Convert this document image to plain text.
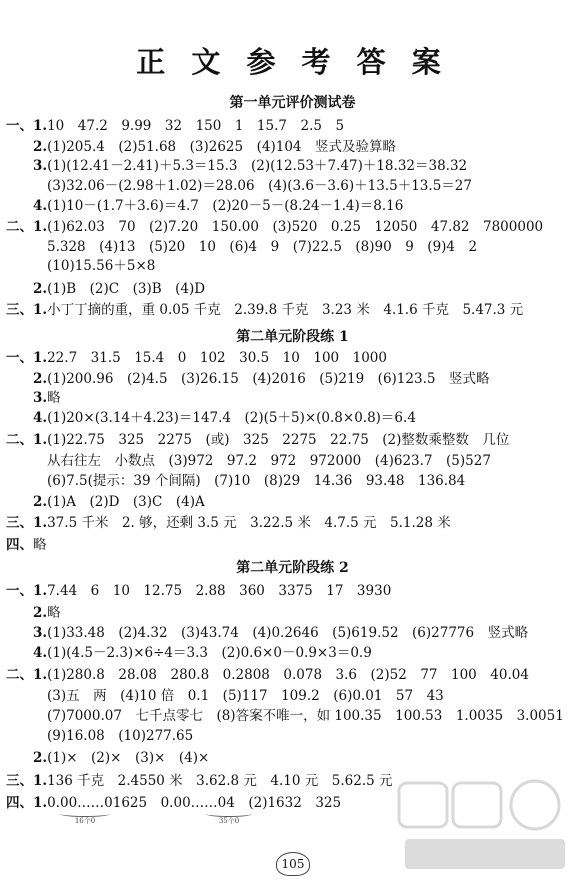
正 文 参 考 答 案
第一单元评价测试卷
第二单元阶段练 1
第二单元阶段练 2
一、 1.10　47.2　9.99　32　150　1　15.7　2.5　5
2.(1)205.4　(2)51.68　(3)2625　(4)104　竖式及验算略
3.(1)(12.41－2.41)＋5.3＝15.3　(2)(12.53＋7.47)＋18.32＝38.32
(3)32.06－(2.98＋1.02)＝28.06　(4)(3.6－3.6)＋13.5＋13.5＝27
4.(1)10－(1.7＋3.6)＝4.7　(2)20－5－(8.24－1.4)＝8.16
二、 1.(1)62.03　70　(2)7.20　150.00　(3)520　0.25　12050　47.82　7800000
5.328　(4)13　(5)20　10　(6)4　9　(7)22.5　(8)90　9　(9)4　2
(10)15.56＋5×8
2.(1)B　(2)C　(3)B　(4)D
三、 1.小丁丁摘的重，重 0.05 千克　2.39.8 千克　3.23 米　4.1.6 千克　5.47.3 元
一、 1.22.7　31.5　15.4　0　102　30.5　10　100　1000
2.(1)200.96　(2)4.5　(3)26.15　(4)2016　(5)219　(6)123.5　竖式略
3.略
4.(1)20×(3.14＋4.23)＝147.4　(2)(5＋5)×(0.8×0.8)＝6.4
二、 1.(1)22.75　325　2275　(或)　325　2275　22.75　(2)整数乘整数　几位
从右往左　小数点　(3)972　97.2　972　972000　(4)623.7　(5)527
(6)7.5(提示：39 个间隔)　(7)10　(8)29　14.36　93.48　136.84
2.(1)A　(2)D　(3)C　(4)A
三、 1.37.5 千米　2. 够，还剩 3.5 元　3.22.5 米　4.7.5 元　5.1.28 米
四、 略
一、 1.7.44　6　10　12.75　2.88　360　3375　17　3930
2.略
3.(1)33.48　(2)4.32　(3)43.74　(4)0.2646　(5)619.52　(6)27776　竖式略
4.(1)(4.5－2.3)×6÷4＝3.3　(2)0.6×0－0.9×3＝0.9
二、 1.(1)280.8　28.08　280.8　0.2808　0.078　3.6　(2)52　77　100　40.04
(3)五　两　(4)10 倍　0.1　(5)117　109.2　(6)0.01　57　43
(7)7000.07　七千点零七　(8)答案不唯一，如 100.35　100.53　1.0035　3.0051
(9)16.08　(10)277.65
2.(1)×　(2)×　(3)×　(4)×
三、 1.136 千克　2.4550 米　3.62.8 元　4.10 元　5.62.5 元
四、 1.0.00……01625　0.00……04　(2)1632　325
16个0	35个0
105
